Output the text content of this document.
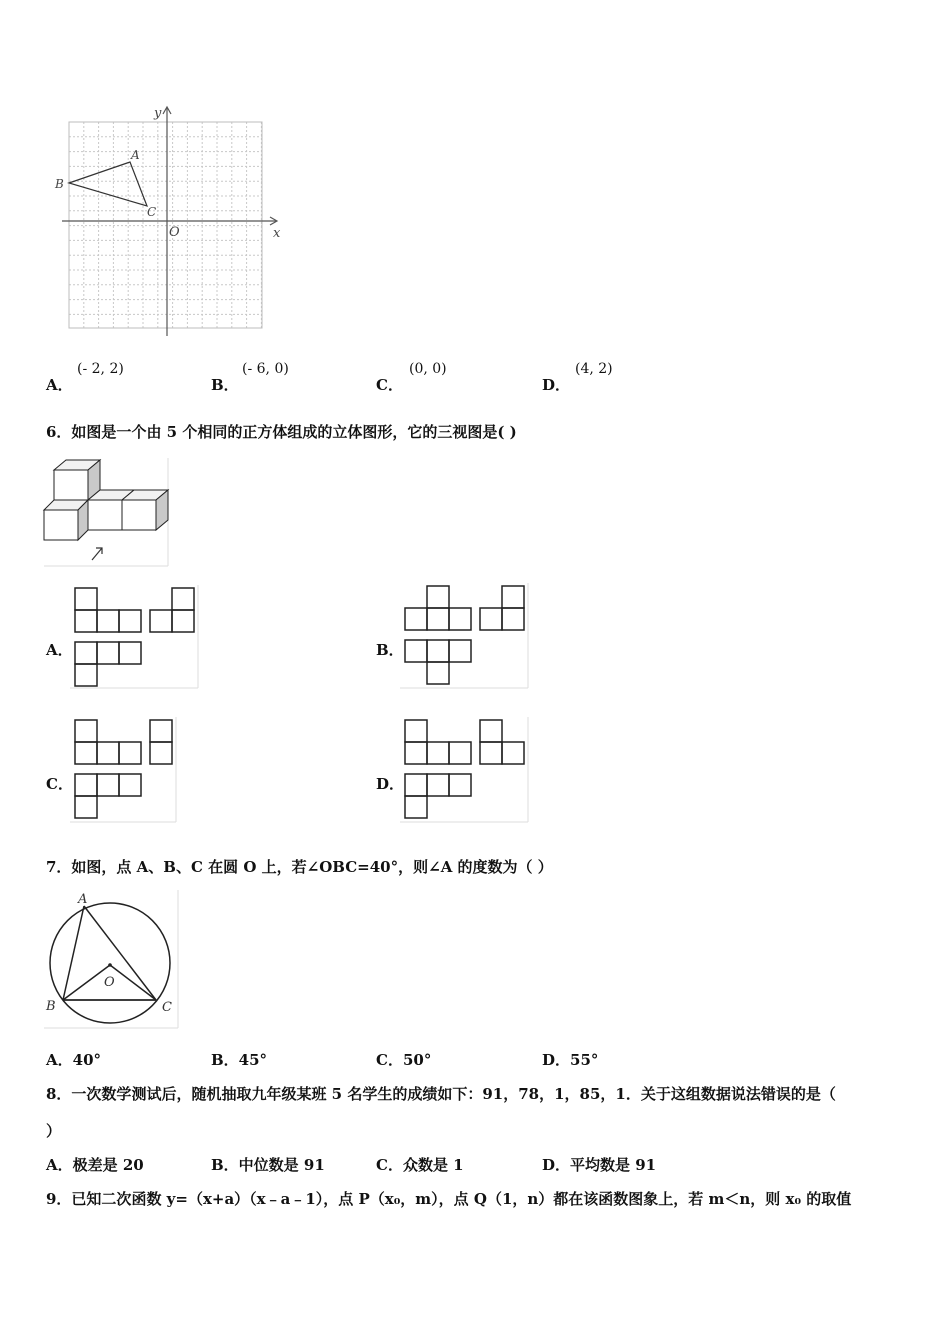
x
y
O
A
B
C
A．
(- 2, 2)
B．
(- 6, 0)
C．
(0, 0)
D．
(4, 2)
6．如图是一个由 5 个相同的正方体组成的立体图形，它的三视图是( )
A．	B．
C．	D．
7．如图，点 A、B、C 在圆 O 上，若∠OBC=40°，则∠A 的度数为（ ）
A
B	C
O
A．40°	B．45°	C．50°	D．55°
8．一次数学测试后，随机抽取九年级某班 5 名学生的成绩如下：91，78，1，85，1．关于这组数据说法错误的是（
）
A．极差是 20	B．中位数是 91	C．众数是 1	D．平均数是 91
9．已知二次函数 y=（x+a）（x﹣a﹣1），点 P（x₀，m），点 Q（1，n）都在该函数图象上，若 m＜n，则 x₀ 的取值
